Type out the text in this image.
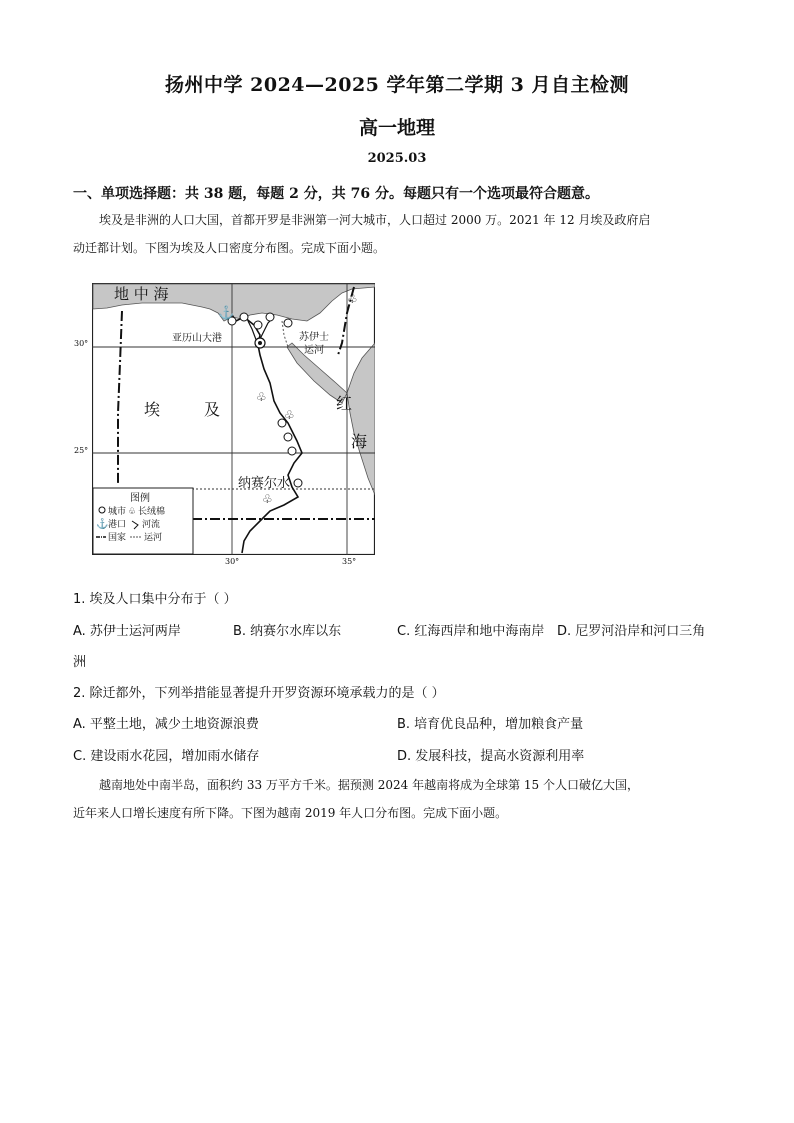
扬州中学 2024—2025 学年第二学期 3 月自主检测
高一地理
2025.03
一、单项选择题：共 38 题，每题 2 分，共 76 分。每题只有一个选项最符合题意。
埃及是非洲的人口大国，首都开罗是非洲第一河大城市，人口超过 2000 万。2021 年 12 月埃及政府启
动迁都计划。下图为埃及人口密度分布图。完成下面小题。
⚓
♧
♧
♧
♧
地 中 海
埃	及	红
海
亚历山大港	苏伊士
运河
纳赛尔水
图例
城市 ♧ 长绒棉
⚓ 港口 河流
国家 运河
30°
25°
30°	35°
1. 埃及人口集中分布于（ ）
A. 苏伊士运河两岸	B. 纳赛尔水库以东	C. 红海西岸和地中海南岸 D. 尼罗河沿岸和河口三角
洲
2. 除迁都外，下列举措能显著提升开罗资源环境承载力的是（ ）
A. 平整土地，减少土地资源浪费	B. 培育优良品种，增加粮食产量
C. 建设雨水花园，增加雨水储存	D. 发展科技，提高水资源利用率
越南地处中南半岛，面积约 33 万平方千米。据预测 2024 年越南将成为全球第 15 个人口破亿大国，
近年来人口增长速度有所下降。下图为越南 2019 年人口分布图。完成下面小题。
